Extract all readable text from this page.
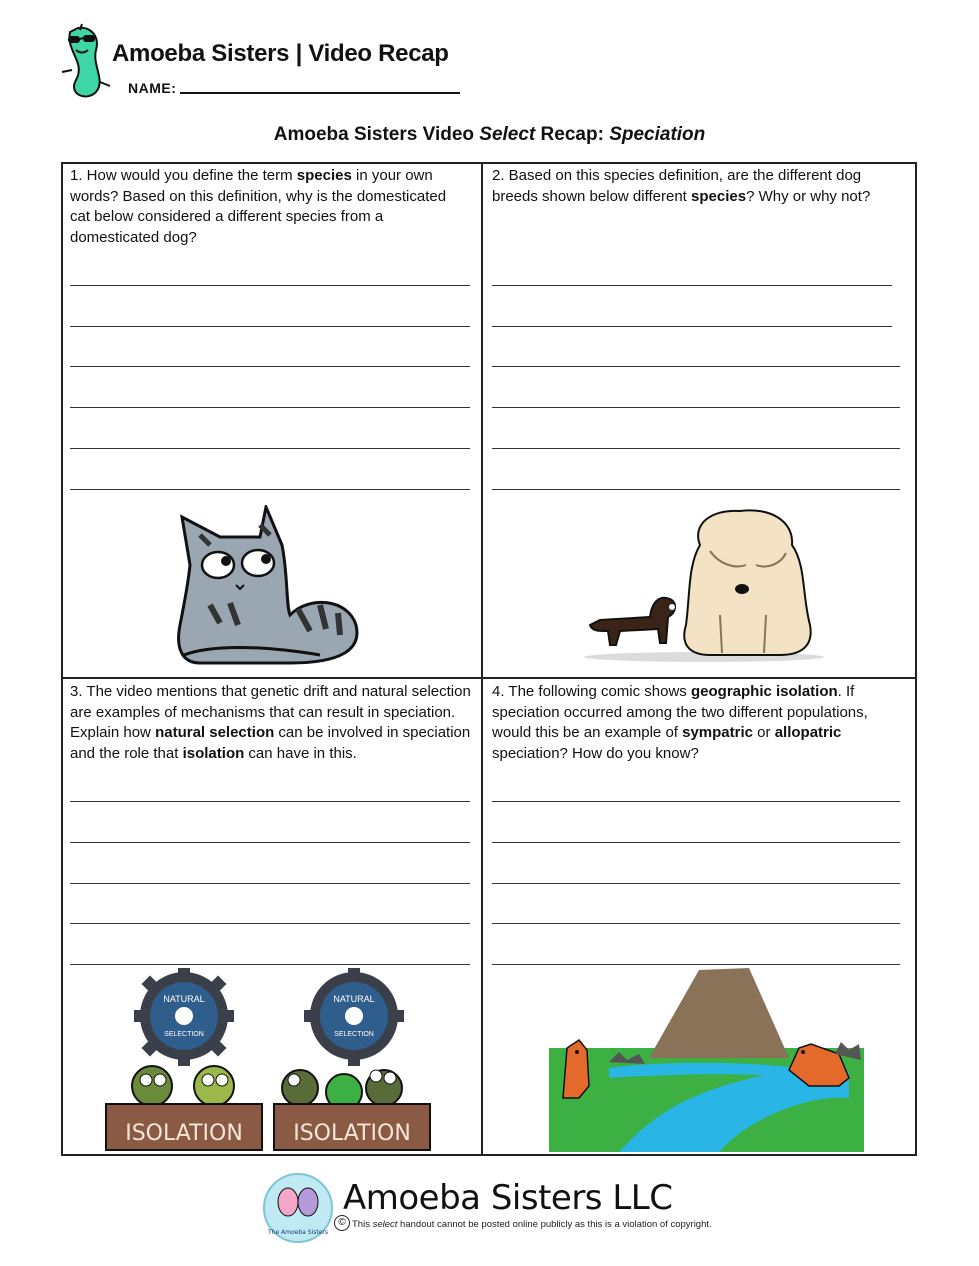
Amoeba Sisters | Video Recap
NAME:
Amoeba Sisters Video Select Recap: Speciation
1. How would you define the term species in your own words? Based on this definition, why is the domesticated cat below considered a different species from a domesticated dog?
2. Based on this species definition, are the different dog breeds shown below different species? Why or why not?
3. The video mentions that genetic drift and natural selection are examples of mechanisms that can result in speciation. Explain how natural selection can be involved in speciation and the role that isolation can have in this.
4. The following comic shows geographic isolation. If speciation occurred among the two different populations, would this be an example of sympatric or allopatric speciation? How do you know?
NATURAL
SELECTION
NATURAL
SELECTION
ISOLATION ISOLATION
The Amoeba Sisters
Amoeba Sisters LLC
© This select handout cannot be posted online publicly as this is a violation of copyright.
